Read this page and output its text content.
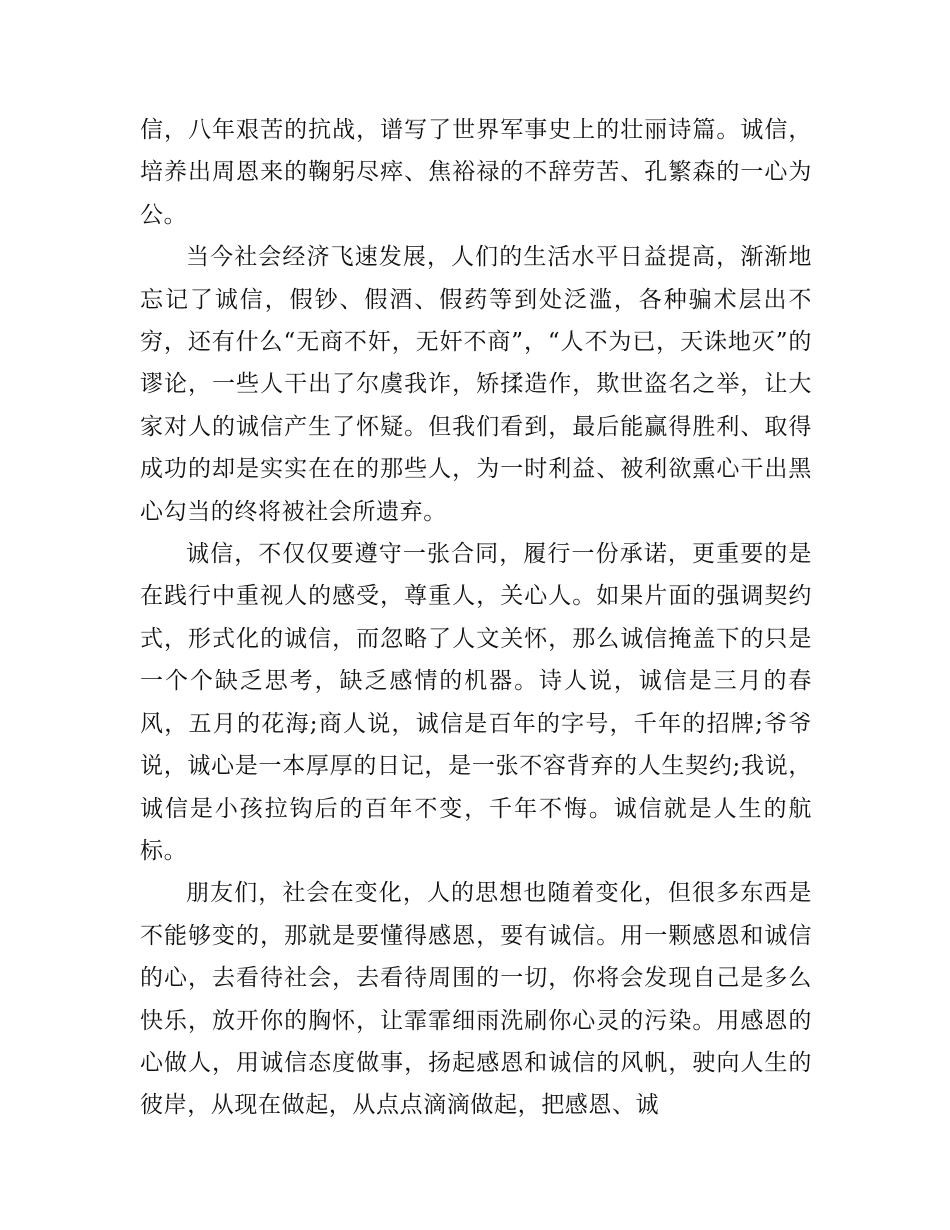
信，八年艰苦的抗战，谱写了世界军事史上的壮丽诗篇。诚信，培养出周恩来的鞠躬尽瘁、焦裕禄的不辞劳苦、孔繁森的一心为公。

当今社会经济飞速发展，人们的生活水平日益提高，渐渐地忘记了诚信，假钞、假酒、假药等到处泛滥，各种骗术层出不穷，还有什么“无商不奸，无奸不商”，“人不为已，天诛地灭”的谬论，一些人干出了尔虞我诈，矫揉造作，欺世盗名之举，让大家对人的诚信产生了怀疑。但我们看到，最后能赢得胜利、取得成功的却是实实在在的那些人，为一时利益、被利欲熏心干出黑心勾当的终将被社会所遗弃。

诚信，不仅仅要遵守一张合同，履行一份承诺，更重要的是在践行中重视人的感受，尊重人，关心人。如果片面的强调契约式，形式化的诚信，而忽略了人文关怀，那么诚信掩盖下的只是一个个缺乏思考，缺乏感情的机器。诗人说，诚信是三月的春风，五月的花海;商人说，诚信是百年的字号，千年的招牌;爷爷说，诚心是一本厚厚的日记，是一张不容背弃的人生契约;我说，诚信是小孩拉钩后的百年不变，千年不悔。诚信就是人生的航标。

朋友们，社会在变化，人的思想也随着变化，但很多东西是不能够变的，那就是要懂得感恩，要有诚信。用一颗感恩和诚信的心，去看待社会，去看待周围的一切，你将会发现自己是多么快乐，放开你的胸怀，让霏霏细雨洗刷你心灵的污染。用感恩的心做人，用诚信态度做事，扬起感恩和诚信的风帆，驶向人生的彼岸，从现在做起，从点点滴滴做起，把感恩、诚
